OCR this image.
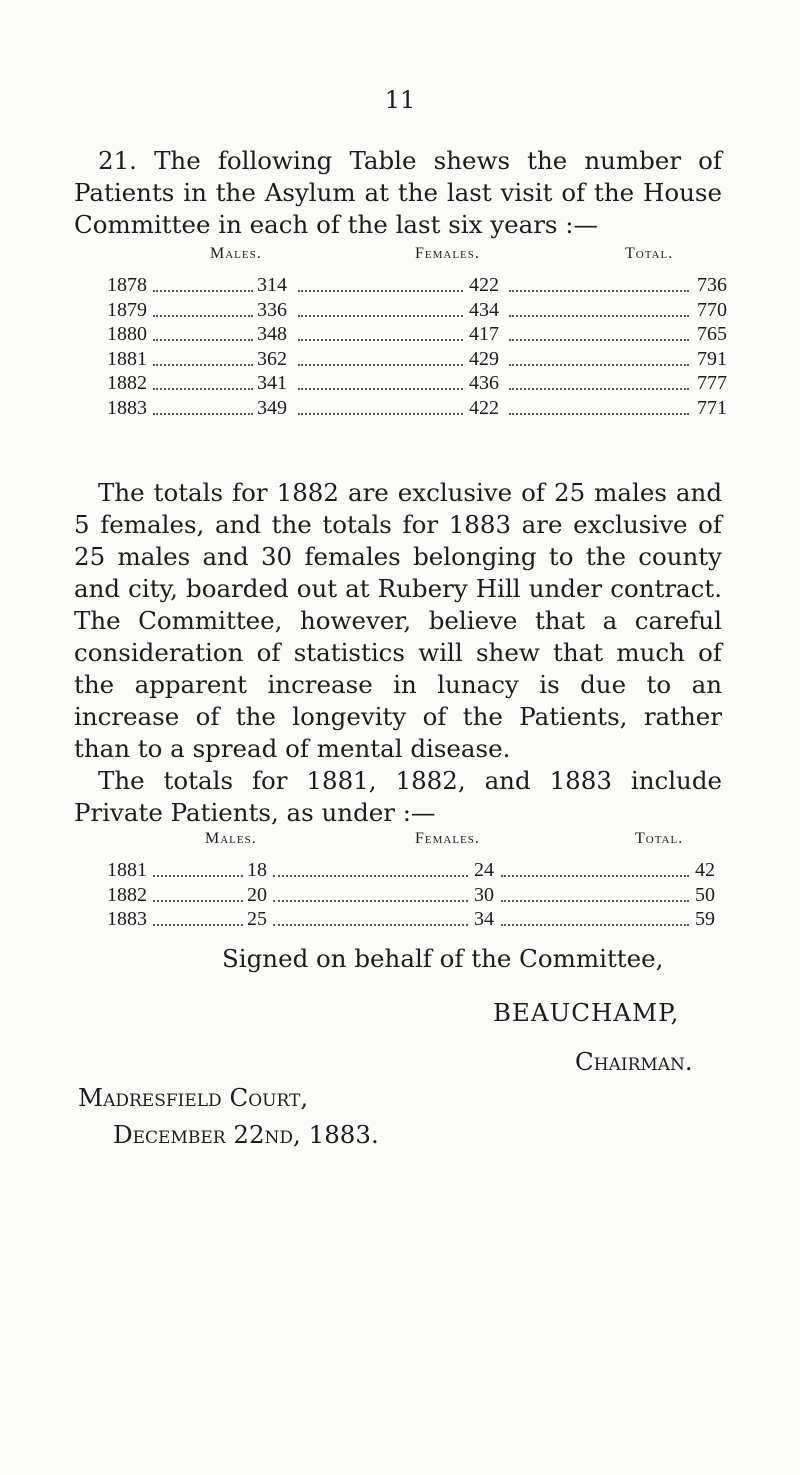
11

21. The following Table shews the number of Patients in the Asylum at the last visit of the House Committee in each of the last six years :—

Males.	Females.	Total.
1878	314	422	736
1879	336	434	770
1880	348	417	765
1881	362	429	791
1882	341	436	777
1883	349	422	771

The totals for 1882 are exclusive of 25 males and 5 females, and the totals for 1883 are exclusive of 25 males and 30 females belonging to the county and city, boarded out at Rubery Hill under contract. The Committee, however, believe that a careful consideration of statistics will shew that much of the apparent increase in lunacy is due to an increase of the longevity of the Patients, rather than to a spread of mental disease.

The totals for 1881, 1882, and 1883 include Private Patients, as under :—

Males.	Females.	Total.
1881	18	24	42
1882	20	30	50
1883	25	34	59
Signed on behalf of the Committee,
BEAUCHAMP,
Chairman.
Madresfield Court,
December 22nd, 1883.
